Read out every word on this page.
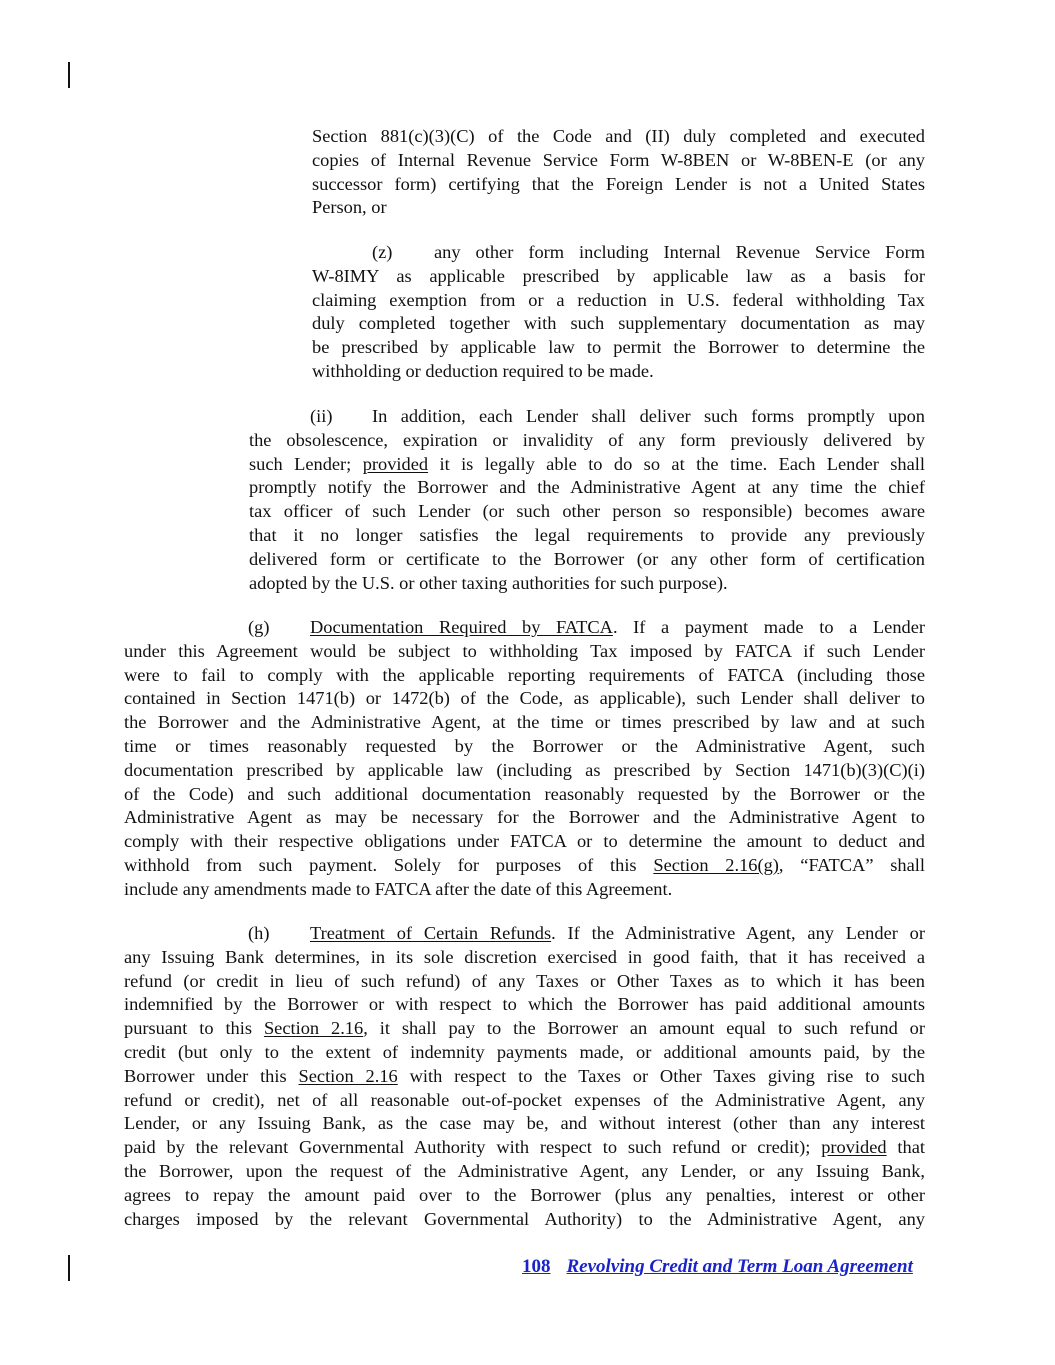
Section 881(c)(3)(C) of the Code and (II) duly completed and executed
copies of Internal Revenue Service Form W-8BEN or W-8BEN-E (or any
successor form) certifying that the Foreign Lender is not a United States
Person, or
(z) any other form including Internal Revenue Service Form
W-8IMY as applicable prescribed by applicable law as a basis for
claiming exemption from or a reduction in U.S. federal withholding Tax
duly completed together with such supplementary documentation as may
be prescribed by applicable law to permit the Borrower to determine the
withholding or deduction required to be made.
(ii) In addition, each Lender shall deliver such forms promptly upon
the obsolescence, expiration or invalidity of any form previously delivered by
such Lender; provided it is legally able to do so at the time. Each Lender shall
promptly notify the Borrower and the Administrative Agent at any time the chief
tax officer of such Lender (or such other person so responsible) becomes aware
that it no longer satisfies the legal requirements to provide any previously
delivered form or certificate to the Borrower (or any other form of certification
adopted by the U.S. or other taxing authorities for such purpose).
(g) Documentation Required by FATCA. If a payment made to a Lender
under this Agreement would be subject to withholding Tax imposed by FATCA if such Lender
were to fail to comply with the applicable reporting requirements of FATCA (including those
contained in Section 1471(b) or 1472(b) of the Code, as applicable), such Lender shall deliver to
the Borrower and the Administrative Agent, at the time or times prescribed by law and at such
time or times reasonably requested by the Borrower or the Administrative Agent, such
documentation prescribed by applicable law (including as prescribed by Section 1471(b)(3)(C)(i)
of the Code) and such additional documentation reasonably requested by the Borrower or the
Administrative Agent as may be necessary for the Borrower and the Administrative Agent to
comply with their respective obligations under FATCA or to determine the amount to deduct and
withhold from such payment. Solely for purposes of this Section 2.16(g), “FATCA” shall
include any amendments made to FATCA after the date of this Agreement.
(h) Treatment of Certain Refunds. If the Administrative Agent, any Lender or
any Issuing Bank determines, in its sole discretion exercised in good faith, that it has received a
refund (or credit in lieu of such refund) of any Taxes or Other Taxes as to which it has been
indemnified by the Borrower or with respect to which the Borrower has paid additional amounts
pursuant to this Section 2.16, it shall pay to the Borrower an amount equal to such refund or
credit (but only to the extent of indemnity payments made, or additional amounts paid, by the
Borrower under this Section 2.16 with respect to the Taxes or Other Taxes giving rise to such
refund or credit), net of all reasonable out-of-pocket expenses of the Administrative Agent, any
Lender, or any Issuing Bank, as the case may be, and without interest (other than any interest
paid by the relevant Governmental Authority with respect to such refund or credit); provided that
the Borrower, upon the request of the Administrative Agent, any Lender, or any Issuing Bank,
agrees to repay the amount paid over to the Borrower (plus any penalties, interest or other
charges imposed by the relevant Governmental Authority) to the Administrative Agent, any
108 Revolving Credit and Term Loan Agreement
